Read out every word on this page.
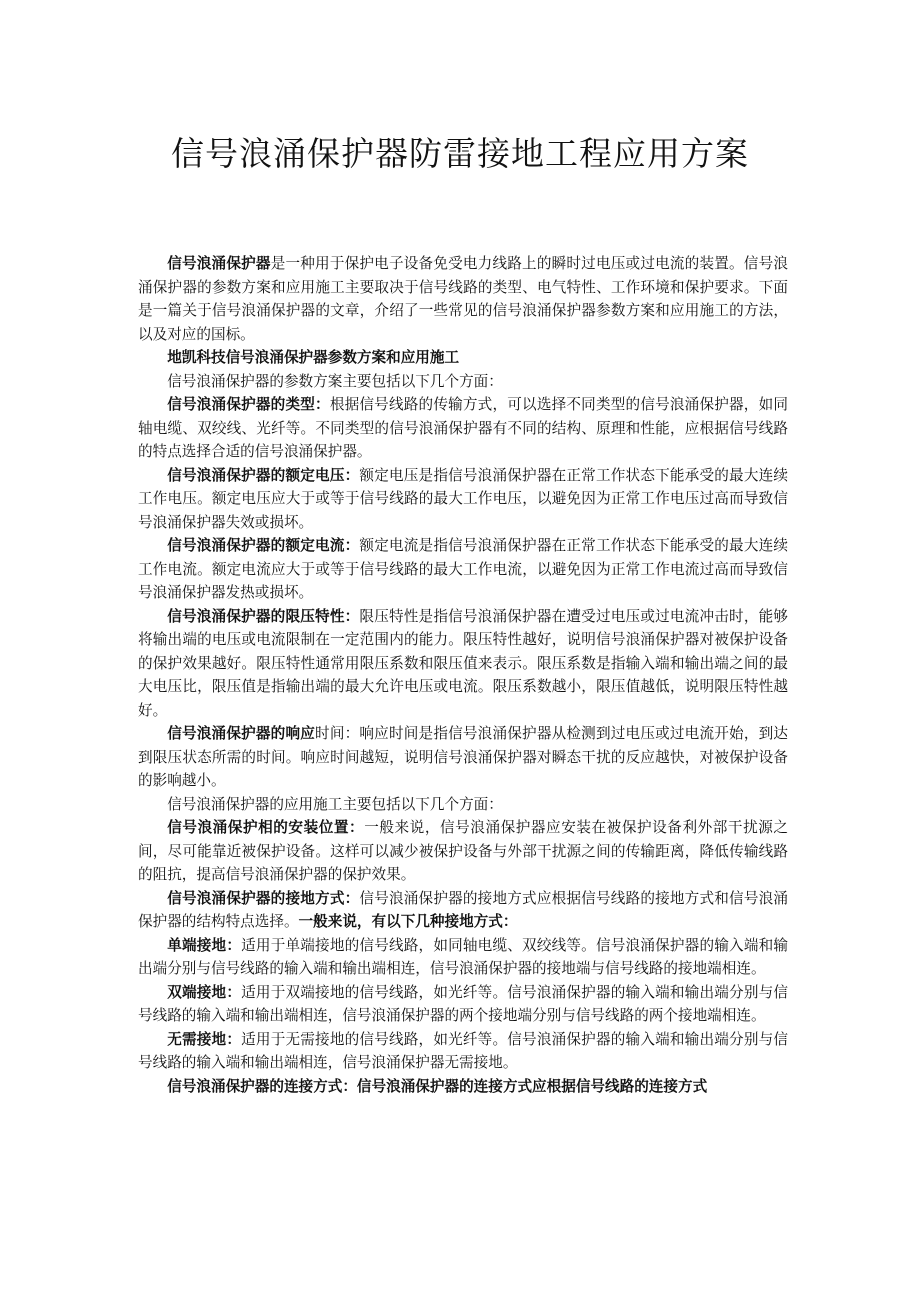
信号浪涌保护器防雷接地工程应用方案

信号浪涌保护器是一种用于保护电子设备免受电力线路上的瞬时过电压或过电流的装置。信号浪涌保护器的参数方案和应用施工主要取决于信号线路的类型、电气特性、工作环境和保护要求。下面是一篇关于信号浪涌保护器的文章，介绍了一些常见的信号浪涌保护器参数方案和应用施工的方法，以及对应的国标。

地凯科技信号浪涌保护器参数方案和应用施工

信号浪涌保护器的参数方案主要包括以下几个方面：

信号浪涌保护器的类型：根据信号线路的传输方式，可以选择不同类型的信号浪涌保护器，如同轴电缆、双绞线、光纤等。不同类型的信号浪涌保护器有不同的结构、原理和性能，应根据信号线路的特点选择合适的信号浪涌保护器。

信号浪涌保护器的额定电压：额定电压是指信号浪涌保护器在正常工作状态下能承受的最大连续工作电压。额定电压应大于或等于信号线路的最大工作电压，以避免因为正常工作电压过高而导致信号浪涌保护器失效或损坏。

信号浪涌保护器的额定电流：额定电流是指信号浪涌保护器在正常工作状态下能承受的最大连续工作电流。额定电流应大于或等于信号线路的最大工作电流，以避免因为正常工作电流过高而导致信号浪涌保护器发热或损坏。

信号浪涌保护器的限压特性：限压特性是指信号浪涌保护器在遭受过电压或过电流冲击时，能够将输出端的电压或电流限制在一定范围内的能力。限压特性越好，说明信号浪涌保护器对被保护设备的保护效果越好。限压特性通常用限压系数和限压值来表示。限压系数是指输入端和输出端之间的最大电压比，限压值是指输出端的最大允许电压或电流。限压系数越小，限压值越低，说明限压特性越好。

信号浪涌保护器的响应时间：响应时间是指信号浪涌保护器从检测到过电压或过电流开始，到达到限压状态所需的时间。响应时间越短，说明信号浪涌保护器对瞬态干扰的反应越快，对被保护设备的影响越小。

信号浪涌保护器的应用施工主要包括以下几个方面：

信号浪涌保护相的安装位置：一般来说，信号浪涌保护器应安装在被保护设备利外部干扰源之间，尽可能靠近被保护设备。这样可以减少被保护设备与外部干扰源之间的传输距离，降低传输线路的阻抗，提高信号浪涌保护器的保护效果。

信号浪涌保护器的接地方式：信号浪涌保护器的接地方式应根据信号线路的接地方式和信号浪涌保护器的结构特点选择。一般来说，有以下几种接地方式：

单端接地：适用于单端接地的信号线路，如同轴电缆、双绞线等。信号浪涌保护器的输入端和输出端分别与信号线路的输入端和输出端相连，信号浪涌保护器的接地端与信号线路的接地端相连。

双端接地：适用于双端接地的信号线路，如光纤等。信号浪涌保护器的输入端和输出端分别与信号线路的输入端和输出端相连，信号浪涌保护器的两个接地端分别与信号线路的两个接地端相连。

无需接地：适用于无需接地的信号线路，如光纤等。信号浪涌保护器的输入端和输出端分别与信号线路的输入端和输出端相连，信号浪涌保护器无需接地。

信号浪涌保护器的连接方式：信号浪涌保护器的连接方式应根据信号线路的连接方式
